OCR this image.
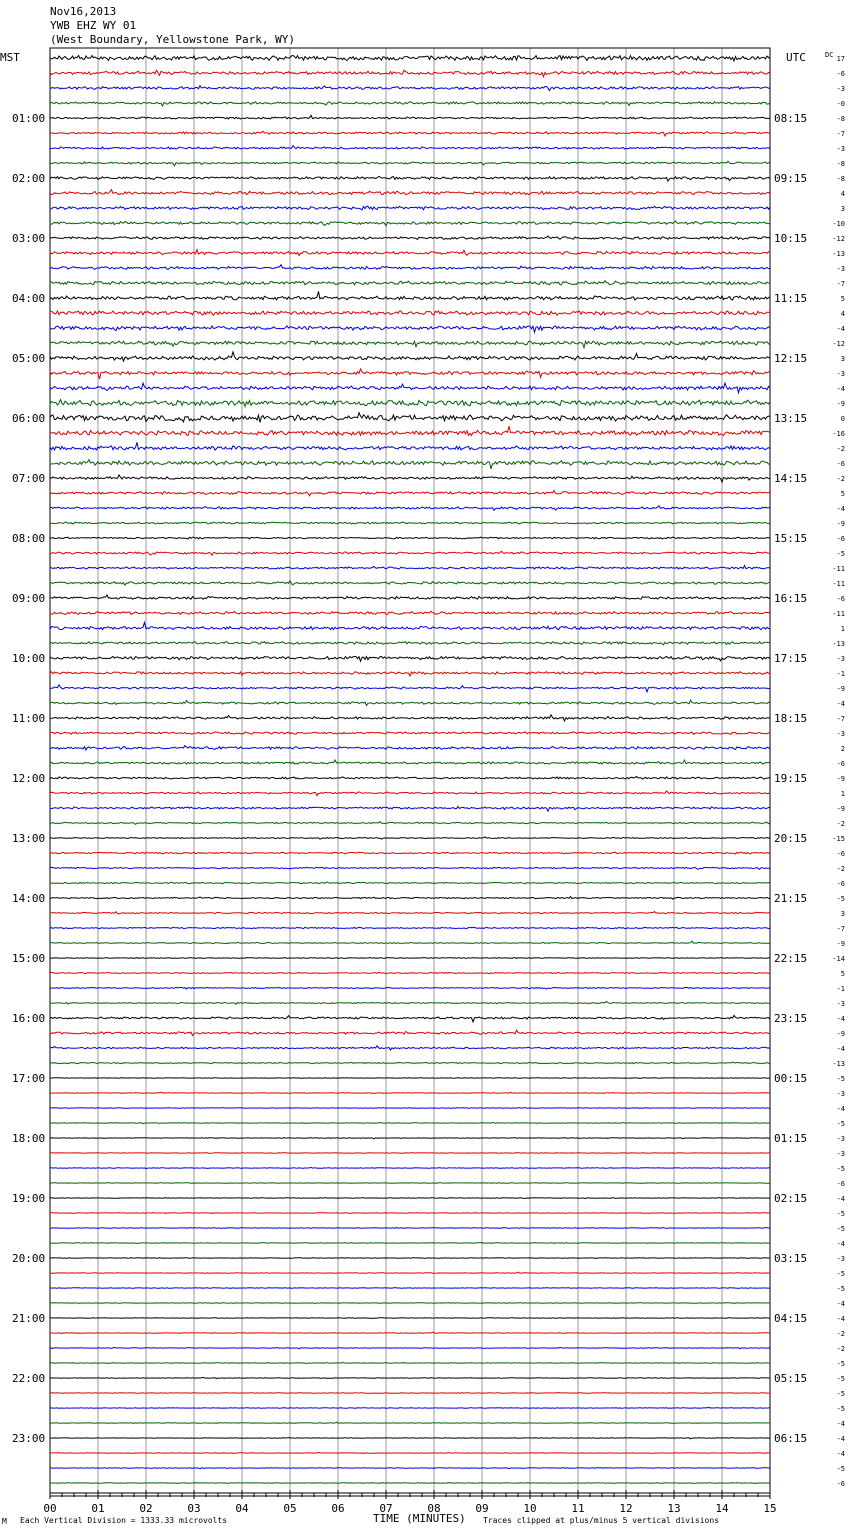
Nov16,2013
YWB EHZ WY 01
(West Boundary, Yellowstone Park, WY)
01:00
02:00
03:00
04:00
05:00
06:00
07:00
08:00
09:00
10:00
11:00
12:00
13:00
14:00
15:00
16:00
17:00
18:00
19:00
20:00
21:00
22:00
23:00
08:15
09:15
10:15
11:15
12:15
13:15
14:15
15:15
16:15
17:15
18:15
19:15
20:15
21:15
22:15
23:15
00:15
01:15
02:15
03:15
04:15
05:15
06:15
17
-6
-3
-0
-8
-7
-3
-8
-8
4
3
-10
-12
-13
-3
-7
5
4
-4
-12
3
-3
-4
-9
0
-16
-2
-6
-2
5
-4
-9
-6
-5
-11
-11
-6
-11
1
-13
-3
-1
-9
-4
-7
-3
2
-6
-9
1
-9
-2
-15
-6
-2
-6
-5
3
-7
-9
-14
5
-1
-3
-4
-9
-4
-13
-5
-3
-4
-5
-3
-3
-5
-6
-4
-5
-5
-4
-3
-5
-5
-4
-4
-2
-2
-5
-5
-5
-5
-4
-4
-4
-5
-6
00	01	02	03	04	05	06	07	08	09	10	11	12	13	14	15
MST	UTC	DC
TIME (MINUTES)
M Each Vertical Division = 1333.33 microvolts	Traces clipped at plus/minus 5 vertical divisions
